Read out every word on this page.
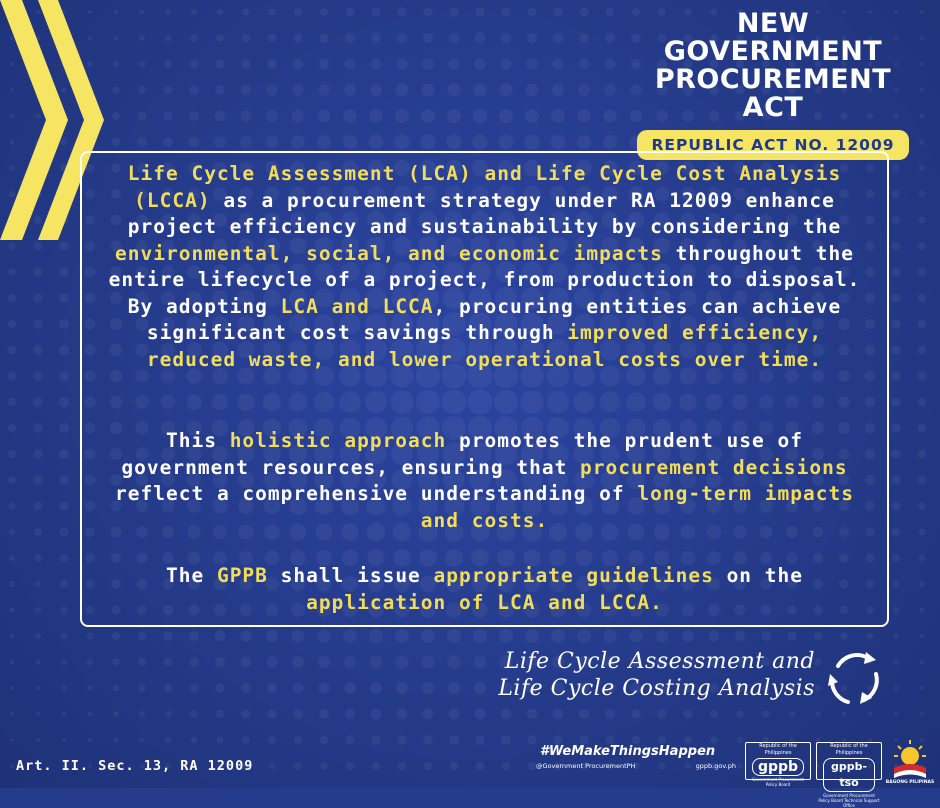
NEW GOVERNMENT
PROCUREMENT ACT
REPUBLIC ACT NO. 12009
Life Cycle Assessment (LCA) and Life Cycle Cost Analysis (LCCA) as a procurement strategy under RA 12009 enhance project efficiency and sustainability by considering the environmental, social, and economic impacts throughout the entire lifecycle of a project, from production to disposal. By adopting LCA and LCCA, procuring entities can achieve significant cost savings through improved efficiency, reduced waste, and lower operational costs over time.
This holistic approach promotes the prudent use of government resources, ensuring that procurement decisions reflect a comprehensive understanding of long-term impacts and costs.
The GPPB shall issue appropriate guidelines on the application of LCA and LCCA.
Life Cycle Assessment and
Life Cycle Costing Analysis
Art. II. Sec. 13, RA 12009
#WeMakeThingsHappen
@Government ProcurementPH	gppb.gov.ph
Republic of the Philippines
gppb
Government Procurement Policy Board
Republic of the Philippines
gppb-tso
Government Procurement Policy Board Technical Support Office
BAGONG PILIPINAS
